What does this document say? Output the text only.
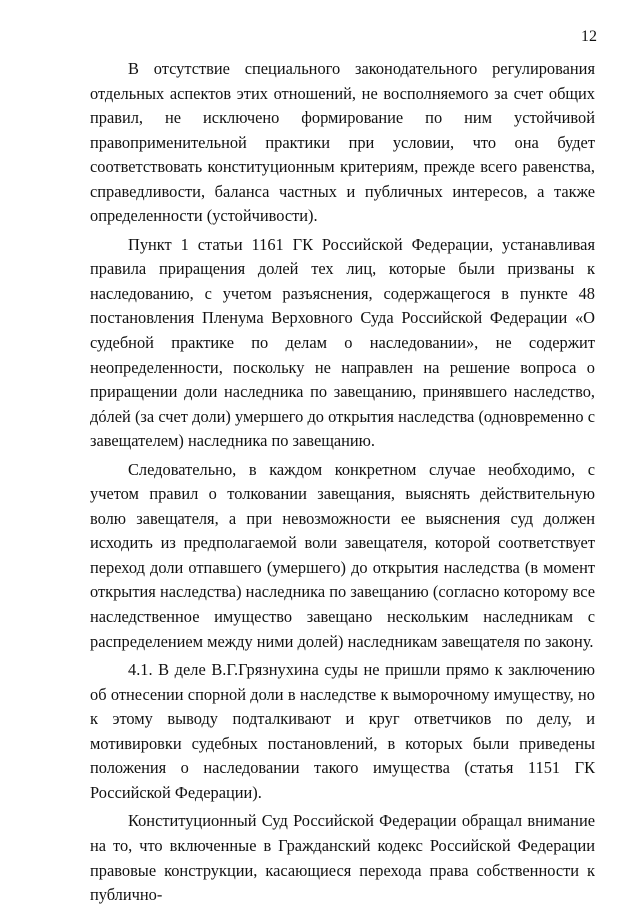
12

В отсутствие специального законодательного регулирования отдельных аспектов этих отношений, не восполняемого за счет общих правил, не исключено формирование по ним устойчивой правоприменительной практики при условии, что она будет соответствовать конституционным критериям, прежде всего равенства, справедливости, баланса частных и публичных интересов, а также определенности (устойчивости).

Пункт 1 статьи 1161 ГК Российской Федерации, устанавливая правила приращения долей тех лиц, которые были призваны к наследованию, с учетом разъяснения, содержащегося в пункте 48 постановления Пленума Верховного Суда Российской Федерации «О судебной практике по делам о наследовании», не содержит неопределенности, поскольку не направлен на решение вопроса о приращении доли наследника по завещанию, принявшего наследство, дóлей (за счет доли) умершего до открытия наследства (одновременно с завещателем) наследника по завещанию.

Следовательно, в каждом конкретном случае необходимо, с учетом правил о толковании завещания, выяснять действительную волю завещателя, а при невозможности ее выяснения суд должен исходить из предполагаемой воли завещателя, которой соответствует переход доли отпавшего (умершего) до открытия наследства (в момент открытия наследства) наследника по завещанию (согласно которому все наследственное имущество завещано нескольким наследникам с распределением между ними долей) наследникам завещателя по закону.

4.1. В деле В.Г.Грязнухина суды не пришли прямо к заключению об отнесении спорной доли в наследстве к выморочному имуществу, но к этому выводу подталкивают и круг ответчиков по делу, и мотивировки судебных постановлений, в которых были приведены положения о наследовании такого имущества (статья 1151 ГК Российской Федерации).

Конституционный Суд Российской Федерации обращал внимание на то, что включенные в Гражданский кодекс Российской Федерации правовые конструкции, касающиеся перехода права собственности к публично-
